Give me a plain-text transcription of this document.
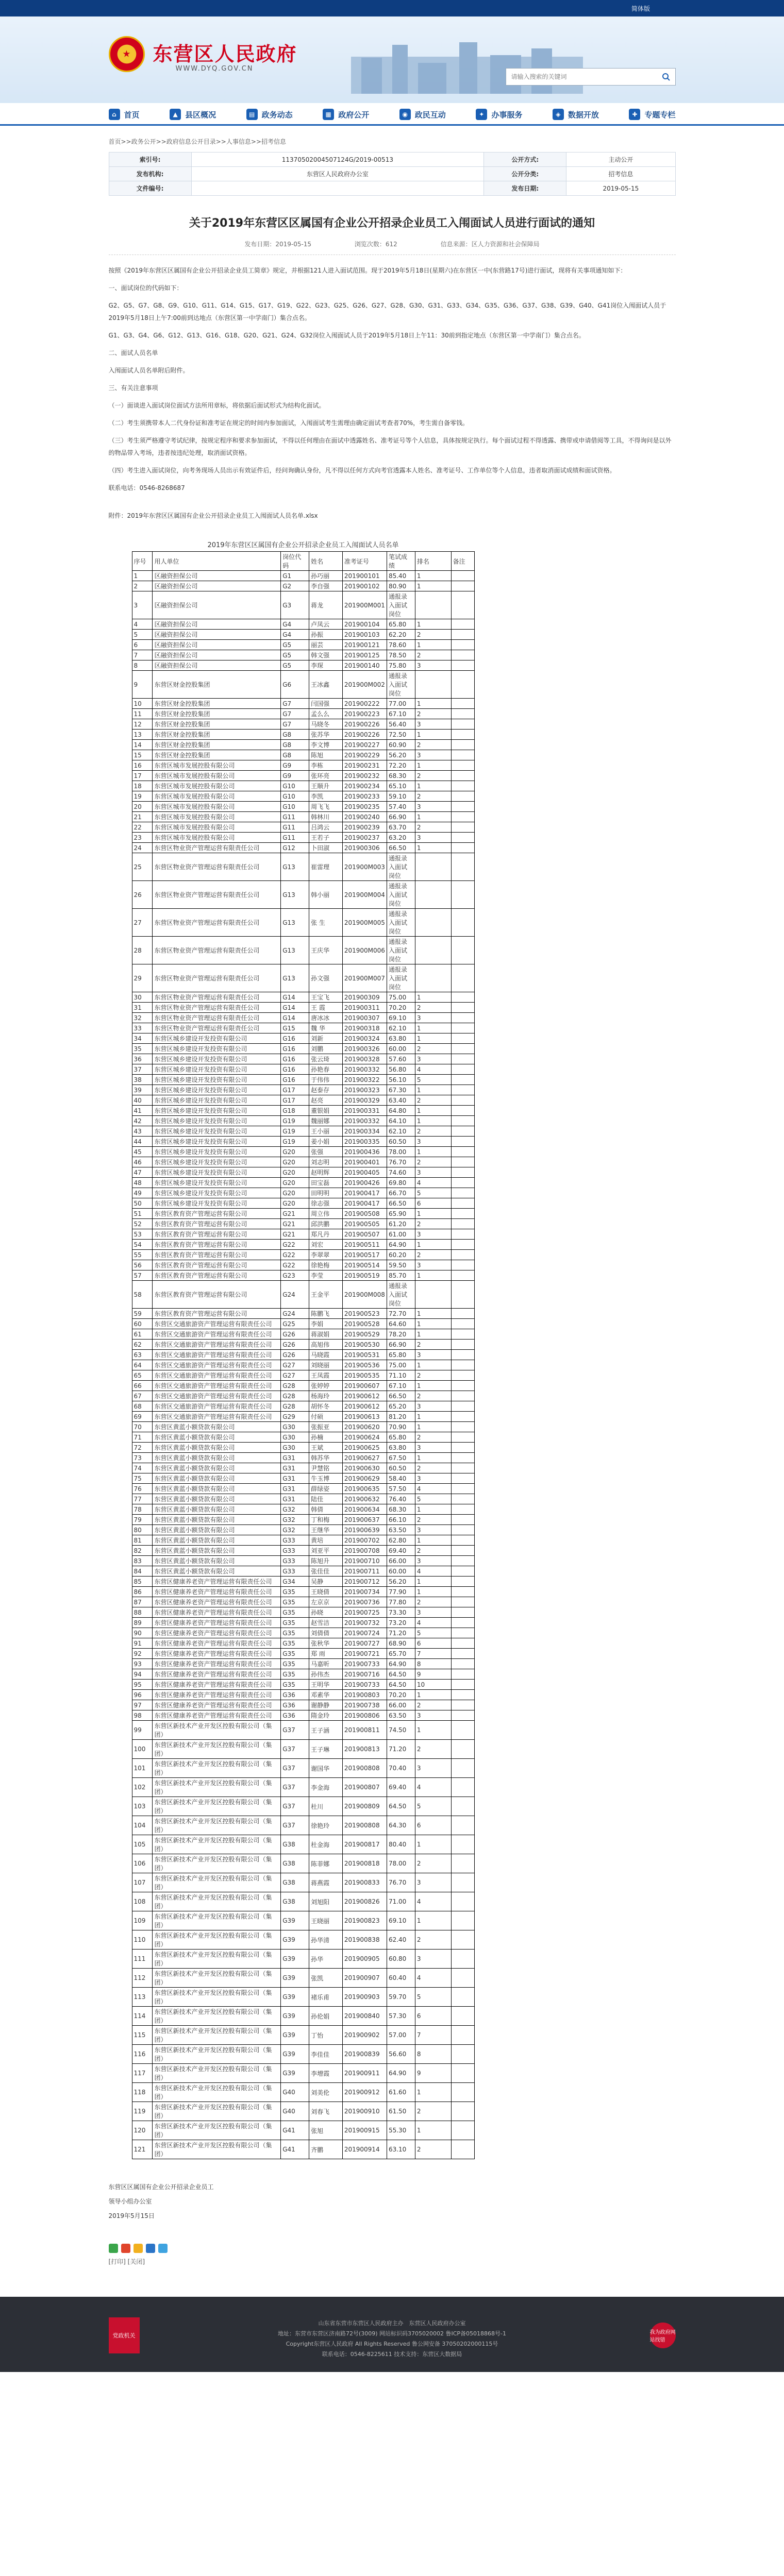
简体版
★ 东营区人民政府
WWW.DYQ.GOV.CN
请输入搜索的关键词
⌂ 首页	▲ 县区概况	▤ 政务动态	▦ 政府公开	◉ 政民互动	✦ 办事服务	◈ 数据开放	✚ 专题专栏
首页>>政务公开>>政府信息公开目录>>人事信息>>招考信息
索引号:	11370502004507124G/2019-00513	公开方式:	主动公开
发布机构:	东营区人民政府办公室	公开分类:	招考信息
文件编号:		发布日期:	2019-05-15
关于2019年东营区区属国有企业公开招录企业员工入闱面试人员进行面试的通知
发布日期：2019-05-15	浏览次数：612	信息来源：区人力资源和社会保障局
按照《2019年东营区区属国有企业公开招录企业员工简章》规定，并根据121人进入面试范围。现于2019年5月18日(星期六)在东营区一中(东营路17号)进行面试，现将有关事项通知如下：
一、面试岗位的代码如下：
G2、G5、G7、G8、G9、G10、G11、G14、G15、G17、G19、G22、G23、G25、G26、G27、G28、G30、G31、G33、G34、G35、G36、G37、G38、G39、G40、G41岗位入闱面试人员于2019年5月18日上午7:00前到达地点（东营区第一中学南门）集合点名。
G1、G3、G4、G6、G12、G13、G16、G18、G20、G21、G24、G32岗位入闱面试人员于2019年5月18日上午11：30前到指定地点（东营区第一中学南门）集合点名。
二、面试人员名单
入闱面试人员名单附后附件。
三、有关注意事项
（一）面谈进入面试岗位面试方法所用章标，将依据后面试形式为结构化面试。
（二）考生须携带本人二代身份证和准考证在规定的时间内参加面试，入闱面试考生需理由确定面试考查者70%，考生需自备零钱。
（三）考生须严格遵守考试纪律，按规定程序和要求参加面试，不得以任何理由在面试中透露姓名、准考证号等个人信息，具体按规定执行。每个面试过程不得透露、携带或申请借阅等工具，不得询问是以外的物品带入考场，违者按违纪处理，取消面试资格。
（四）考生进入面试岗位，向考务现场人员出示有效证件后，经问询确认身份，凡不得以任何方式向考官透露本人姓名、准考证号、工作单位等个人信息，违者取消面试成绩和面试资格。
联系电话：0546-8268687
附件：2019年东营区区属国有企业公开招录企业员工入闱面试人员名单.xlsx
2019年东营区区属国有企业公开招录企业员工入闱面试人员名单
序号	用人单位	岗位代码	姓名	准考证号	笔试成绩	排名	备注
1	区融资担保公司	G1	孙巧丽	201900101	85.40	1	
2	区融资担保公司	G2	李自强	201900102	80.90	1	
3	区融资担保公司	G3	蒋龙	201900M001	通报录入面试岗位		
4	区融资担保公司	G4	卢凤云	201900104	65.80	1	
5	区融资担保公司	G4	孙振	201900103	62.20	2	
6	区融资担保公司	G5	丽芸	201900121	78.60	1	
7	区融资担保公司	G5	韩文强	201900125	78.50	2	
8	区融资担保公司	G5	李琛	201900140	75.80	3	
9	东营区财金控股集团	G6	王冰鑫	201900M002	通报录入面试岗位		
10	东营区财金控股集团	G7	闫国强	201900222	77.00	1	
11	东营区财金控股集团	G7	孟么么	201900223	67.10	2	
12	东营区财金控股集团	G7	马晓冬	201900226	56.40	3	
13	东营区财金控股集团	G8	张苏华	201900226	72.50	1	
14	东营区财金控股集团	G8	李文博	201900227	60.90	2	
15	东营区财金控股集团	G8	陈旭	201900229	56.20	3	
16	东营区城市发展控股有限公司	G9	李栋	201900231	72.20	1	
17	东营区城市发展控股有限公司	G9	张环亮	201900232	68.30	2	
18	东营区城市发展控股有限公司	G10	王顺升	201900234	65.10	1	
19	东营区城市发展控股有限公司	G10	李凯	201900233	59.10	2	
20	东营区城市发展控股有限公司	G10	周飞飞	201900235	57.40	3	
21	东营区城市发展控股有限公司	G11	韩林川	201900240	66.90	1	
22	东营区城市发展控股有限公司	G11	吕鸿云	201900239	63.70	2	
23	东营区城市发展控股有限公司	G11	王若子	201900237	63.20	3	
24	东营区物业资产管理运营有限责任公司	G12	卜田淑	201900306	66.50	1	
25	东营区物业资产管理运营有限责任公司	G13	崔雷理	201900M003	通报录入面试岗位		
26	东营区物业资产管理运营有限责任公司	G13	韩小丽	201900M004	通报录入面试岗位		
27	东营区物业资产管理运营有限责任公司	G13	张 生	201900M005	通报录入面试岗位		
28	东营区物业资产管理运营有限责任公司	G13	王庆华	201900M006	通报录入面试岗位		
29	东营区物业资产管理运营有限责任公司	G13	孙文强	201900M007	通报录入面试岗位		
30	东营区物业资产管理运营有限责任公司	G14	王宝飞	201900309	75.00	1	
31	东营区物业资产管理运营有限责任公司	G14	王 霞	201900311	70.20	2	
32	东营区物业资产管理运营有限责任公司	G14	唐冰冰	201900307	69.10	3	
33	东营区物业资产管理运营有限责任公司	G15	魏 华	201900318	62.10	1	
34	东营区城乡建设开发投资有限公司	G16	刘新	201900324	63.80	1	
35	东营区城乡建设开发投资有限公司	G16	刘鹏	201900326	60.00	2	
36	东营区城乡建设开发投资有限公司	G16	张云琦	201900328	57.60	3	
37	东营区城乡建设开发投资有限公司	G16	孙艳春	201900332	56.80	4	
38	东营区城乡建设开发投资有限公司	G16	于伟伟	201900322	56.10	5	
39	东营区城乡建设开发投资有限公司	G17	赵泰存	201900323	67.30	1	
40	东营区城乡建设开发投资有限公司	G17	赵亮	201900329	63.40	2	
41	东营区城乡建设开发投资有限公司	G18	董银娟	201900331	64.80	1	
42	东营区城乡建设开发投资有限公司	G19	魏丽娜	201900332	64.10	1	
43	东营区城乡建设开发投资有限公司	G19	王小丽	201900334	62.10	2	
44	东营区城乡建设开发投资有限公司	G19	姜小娟	201900335	60.50	3	
45	东营区城乡建设开发投资有限公司	G20	张强	201900436	78.00	1	
46	东营区城乡建设开发投资有限公司	G20	刘志明	201900401	76.70	2	
47	东营区城乡建设开发投资有限公司	G20	赵明辉	201900405	74.60	3	
48	东营区城乡建设开发投资有限公司	G20	田宝磊	201900426	69.80	4	
49	东营区城乡建设开发投资有限公司	G20	田明明	201900417	66.70	5	
50	东营区城乡建设开发投资有限公司	G20	徐志强	201900417	66.50	6	
51	东营区教育资产管理运营有限公司	G21	周立伟	201900508	65.90	1	
52	东营区教育资产管理运营有限公司	G21	邱洪鹏	201900505	61.20	2	
53	东营区教育资产管理运营有限公司	G21	郑凡丹	201900507	61.00	3	
54	东营区教育资产管理运营有限公司	G22	刘宏	201900511	64.90	1	
55	东营区教育资产管理运营有限公司	G22	李翠翠	201900517	60.20	2	
56	东营区教育资产管理运营有限公司	G22	徐艳梅	201900514	59.50	3	
57	东营区教育资产管理运营有限公司	G23	李莹	201900519	85.70	1	
58	东营区教育资产管理运营有限公司	G24	王金平	201900M008	通报录入面试岗位		
59	东营区教育资产管理运营有限公司	G24	陈鹏飞	201900523	72.70	1	
60	东营区交通旅游资产管理运营有限责任公司	G25	李娟	201900528	64.60	1	
61	东营区交通旅游资产管理运营有限责任公司	G26	蒋淑娟	201900529	78.20	1	
62	东营区交通旅游资产管理运营有限责任公司	G26	高旭伟	201900530	66.90	2	
63	东营区交通旅游资产管理运营有限责任公司	G26	马晓霞	201900531	65.80	3	
64	东营区交通旅游资产管理运营有限责任公司	G27	刘晓丽	201900536	75.00	1	
65	东营区交通旅游资产管理运营有限责任公司	G27	王凤霞	201900535	71.10	2	
66	东营区交通旅游资产管理运营有限责任公司	G28	张婷婷	201900607	67.10	1	
67	东营区交通旅游资产管理运营有限责任公司	G28	杨海玲	201900612	66.50	2	
68	东营区交通旅游资产管理运营有限责任公司	G28	胡怀冬	201900612	65.20	3	
69	东营区交通旅游资产管理运营有限责任公司	G29	付硕	201900613	81.20	1	
70	东营区黄蓝小额贷款有限公司	G30	张振亚	201900620	70.90	1	
71	东营区黄蓝小额贷款有限公司	G30	孙楠	201900624	65.80	2	
72	东营区黄蓝小额贷款有限公司	G30	王斌	201900625	63.80	3	
73	东营区黄蓝小额贷款有限公司	G31	韩苏华	201900627	67.50	1	
74	东营区黄蓝小额贷款有限公司	G31	尹慧铭	201900630	60.50	2	
75	东营区黄蓝小额贷款有限公司	G31	牛玉博	201900629	58.40	3	
76	东营区黄蓝小额贷款有限公司	G31	薛绿姿	201900635	57.50	4	
77	东营区黄蓝小额贷款有限公司	G31	陆佳	201900632	76.40	5	
78	东营区黄蓝小额贷款有限公司	G32	韩倩	201900634	68.30	1	
79	东营区黄蓝小额贷款有限公司	G32	丁和梅	201900637	66.10	2	
80	东营区黄蓝小额贷款有限公司	G32	王继华	201900639	63.50	3	
81	东营区黄蓝小额贷款有限公司	G33	黄培	201900702	62.80	1	
82	东营区黄蓝小额贷款有限公司	G33	刘亚平	201900708	69.40	2	
83	东营区黄蓝小额贷款有限公司	G33	陈旭升	201900710	66.00	3	
84	东营区黄蓝小额贷款有限公司	G33	张佳佳	201900711	60.00	4	
85	东营区健康养老资产管理运营有限责任公司	G34	吴静	201900712	56.20	1	
86	东营区健康养老资产管理运营有限责任公司	G35	王晓倩	201900734	77.90	1	
87	东营区健康养老资产管理运营有限责任公司	G35	左京京	201900736	77.80	2	
88	东营区健康养老资产管理运营有限责任公司	G35	孙晓	201900725	73.30	3	
89	东营区健康养老资产管理运营有限责任公司	G35	赵雪洁	201900732	73.20	4	
90	东营区健康养老资产管理运营有限责任公司	G35	刘倩倩	201900724	71.20	5	
91	东营区健康养老资产管理运营有限责任公司	G35	张秋华	201900727	68.90	6	
92	东营区健康养老资产管理运营有限责任公司	G35	郑 雨	201900721	65.70	7	
93	东营区健康养老资产管理运营有限责任公司	G35	马嘉昕	201900733	64.90	8	
94	东营区健康养老资产管理运营有限责任公司	G35	孙伟杰	201900716	64.50	9	
95	东营区健康养老资产管理运营有限责任公司	G35	王明华	201900733	64.50	10	
96	东营区健康养老资产管理运营有限责任公司	G36	邓素华	201900803	70.20	1	
97	东营区健康养老资产管理运营有限责任公司	G36	谢静静	201900738	66.00	2	
98	东营区健康养老资产管理运营有限责任公司	G36	隋金玲	201900806	63.50	3	
99	东营区新技术产业开发区控股有限公司（集团）	G37	王子涵	201900811	74.50	1	
100	东营区新技术产业开发区控股有限公司（集团）	G37	王子琳	201900813	71.20	2	
101	东营区新技术产业开发区控股有限公司（集团）	G37	谢国华	201900808	70.40	3	
102	东营区新技术产业开发区控股有限公司（集团）	G37	李金海	201900807	69.40	4	
103	东营区新技术产业开发区控股有限公司（集团）	G37	杜川	201900809	64.50	5	
104	东营区新技术产业开发区控股有限公司（集团）	G37	徐艳玲	201900808	64.30	6	
105	东营区新技术产业开发区控股有限公司（集团）	G38	杜金海	201900817	80.40	1	
106	东营区新技术产业开发区控股有限公司（集团）	G38	陈菲娜	201900818	78.00	2	
107	东营区新技术产业开发区控股有限公司（集团）	G38	蒋燕霞	201900833	76.70	3	
108	东营区新技术产业开发区控股有限公司（集团）	G38	刘旭阳	201900826	71.00	4	
109	东营区新技术产业开发区控股有限公司（集团）	G39	王晓丽	201900823	69.10	1	
110	东营区新技术产业开发区控股有限公司（集团）	G39	孙华清	201900838	62.40	2	
111	东营区新技术产业开发区控股有限公司（集团）	G39	孙华	201900905	60.80	3	
112	东营区新技术产业开发区控股有限公司（集团）	G39	张凯	201900907	60.40	4	
113	东营区新技术产业开发区控股有限公司（集团）	G39	褚乐甫	201900903	59.70	5	
114	东营区新技术产业开发区控股有限公司（集团）	G39	孙伦娟	201900840	57.30	6	
115	东营区新技术产业开发区控股有限公司（集团）	G39	丁怡	201900902	57.00	7	
116	东营区新技术产业开发区控股有限公司（集团）	G39	李佳佳	201900839	56.60	8	
117	东营区新技术产业开发区控股有限公司（集团）	G39	李增霞	201900911	64.90	9	
118	东营区新技术产业开发区控股有限公司（集团）	G40	刘美伦	201900912	61.60	1	
119	东营区新技术产业开发区控股有限公司（集团）	G40	刘春飞	201900910	61.50	2	
120	东营区新技术产业开发区控股有限公司（集团）	G41	张旭	201900915	55.30	1	
121	东营区新技术产业开发区控股有限公司（集团）	G41	齐鹏	201900914	63.10	2	
东营区区属国有企业公开招录企业员工
领导小组办公室
2019年5月15日
[打印] [关闭]
党政机关
山东省东营市东营区人民政府主办　东营区人民政府办公室
地址：东营市东营区济南路72号(3009) 网站标识码3705020002 鲁ICP备05018868号-1
Copyright东营区人民政府 All Rights Reserved 鲁公网安备 37050202000115号
联系电话：0546-8225611 技术支持：东营区大数据局
我为政府网站找错
